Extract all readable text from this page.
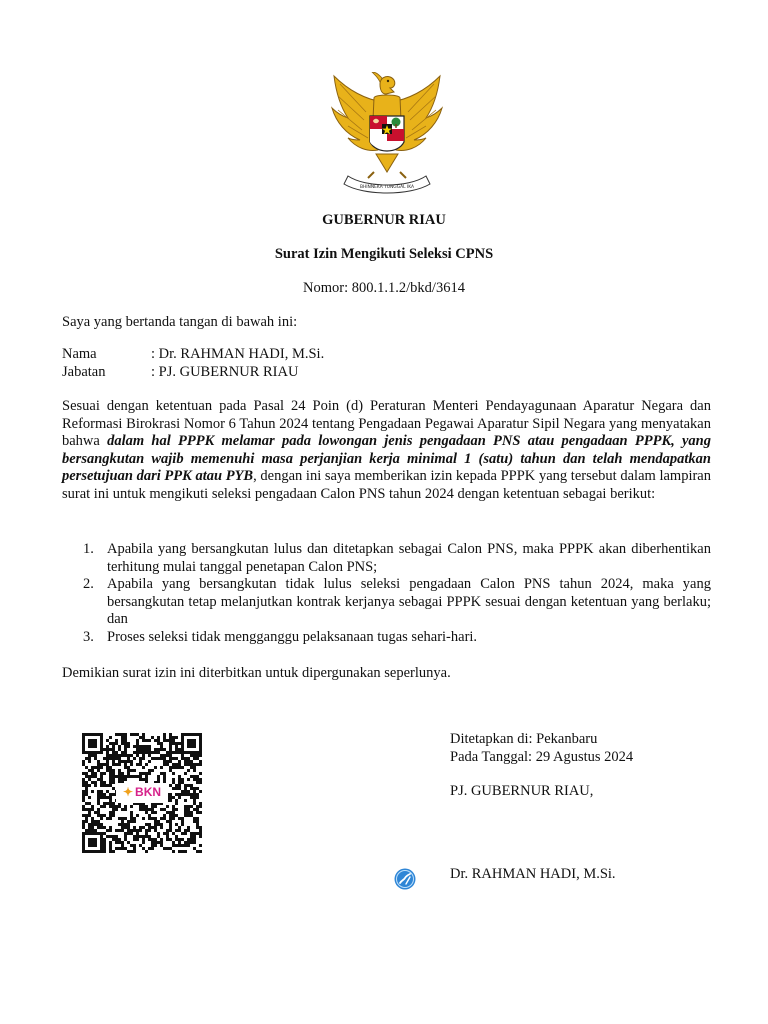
BHINNEKA TUNGGAL IKA
GUBERNUR RIAU
Surat Izin Mengikuti Seleksi CPNS
Nomor: 800.1.1.2/bkd/3614
Saya yang bertanda tangan di bawah ini:
Nama	: Dr. RAHMAN HADI, M.Si.
Jabatan	: PJ. GUBERNUR RIAU
Sesuai dengan ketentuan pada Pasal 24 Poin (d) Peraturan Menteri Pendayagunaan Aparatur Negara dan Reformasi Birokrasi Nomor 6 Tahun 2024 tentang Pengadaan Pegawai Aparatur Sipil Negara yang menyatakan bahwa dalam hal PPPK melamar pada lowongan jenis pengadaan PNS atau pengadaan PPPK, yang bersangkutan wajib memenuhi masa perjanjian kerja minimal 1 (satu) tahun dan telah mendapatkan persetujuan dari PPK atau PYB, dengan ini saya memberikan izin kepada PPPK yang tersebut dalam lampiran surat ini untuk mengikuti seleksi pengadaan Calon PNS tahun 2024 dengan ketentuan sebagai berikut:
1. Apabila yang bersangkutan lulus dan ditetapkan sebagai Calon PNS, maka PPPK akan diberhentikan terhitung mulai tanggal penetapan Calon PNS;
2. Apabila yang bersangkutan tidak lulus seleksi pengadaan Calon PNS tahun 2024, maka yang bersangkutan tetap melanjutkan kontrak kerjanya sebagai PPPK sesuai dengan ketentuan yang berlaku; dan
3. Proses seleksi tidak mengganggu pelaksanaan tugas sehari-hari.
Demikian surat izin ini diterbitkan untuk dipergunakan seperlunya.
✦ BKN
Ditetapkan di: Pekanbaru
Pada Tanggal: 29 Agustus 2024
PJ. GUBERNUR RIAU,
Dr. RAHMAN HADI, M.Si.
